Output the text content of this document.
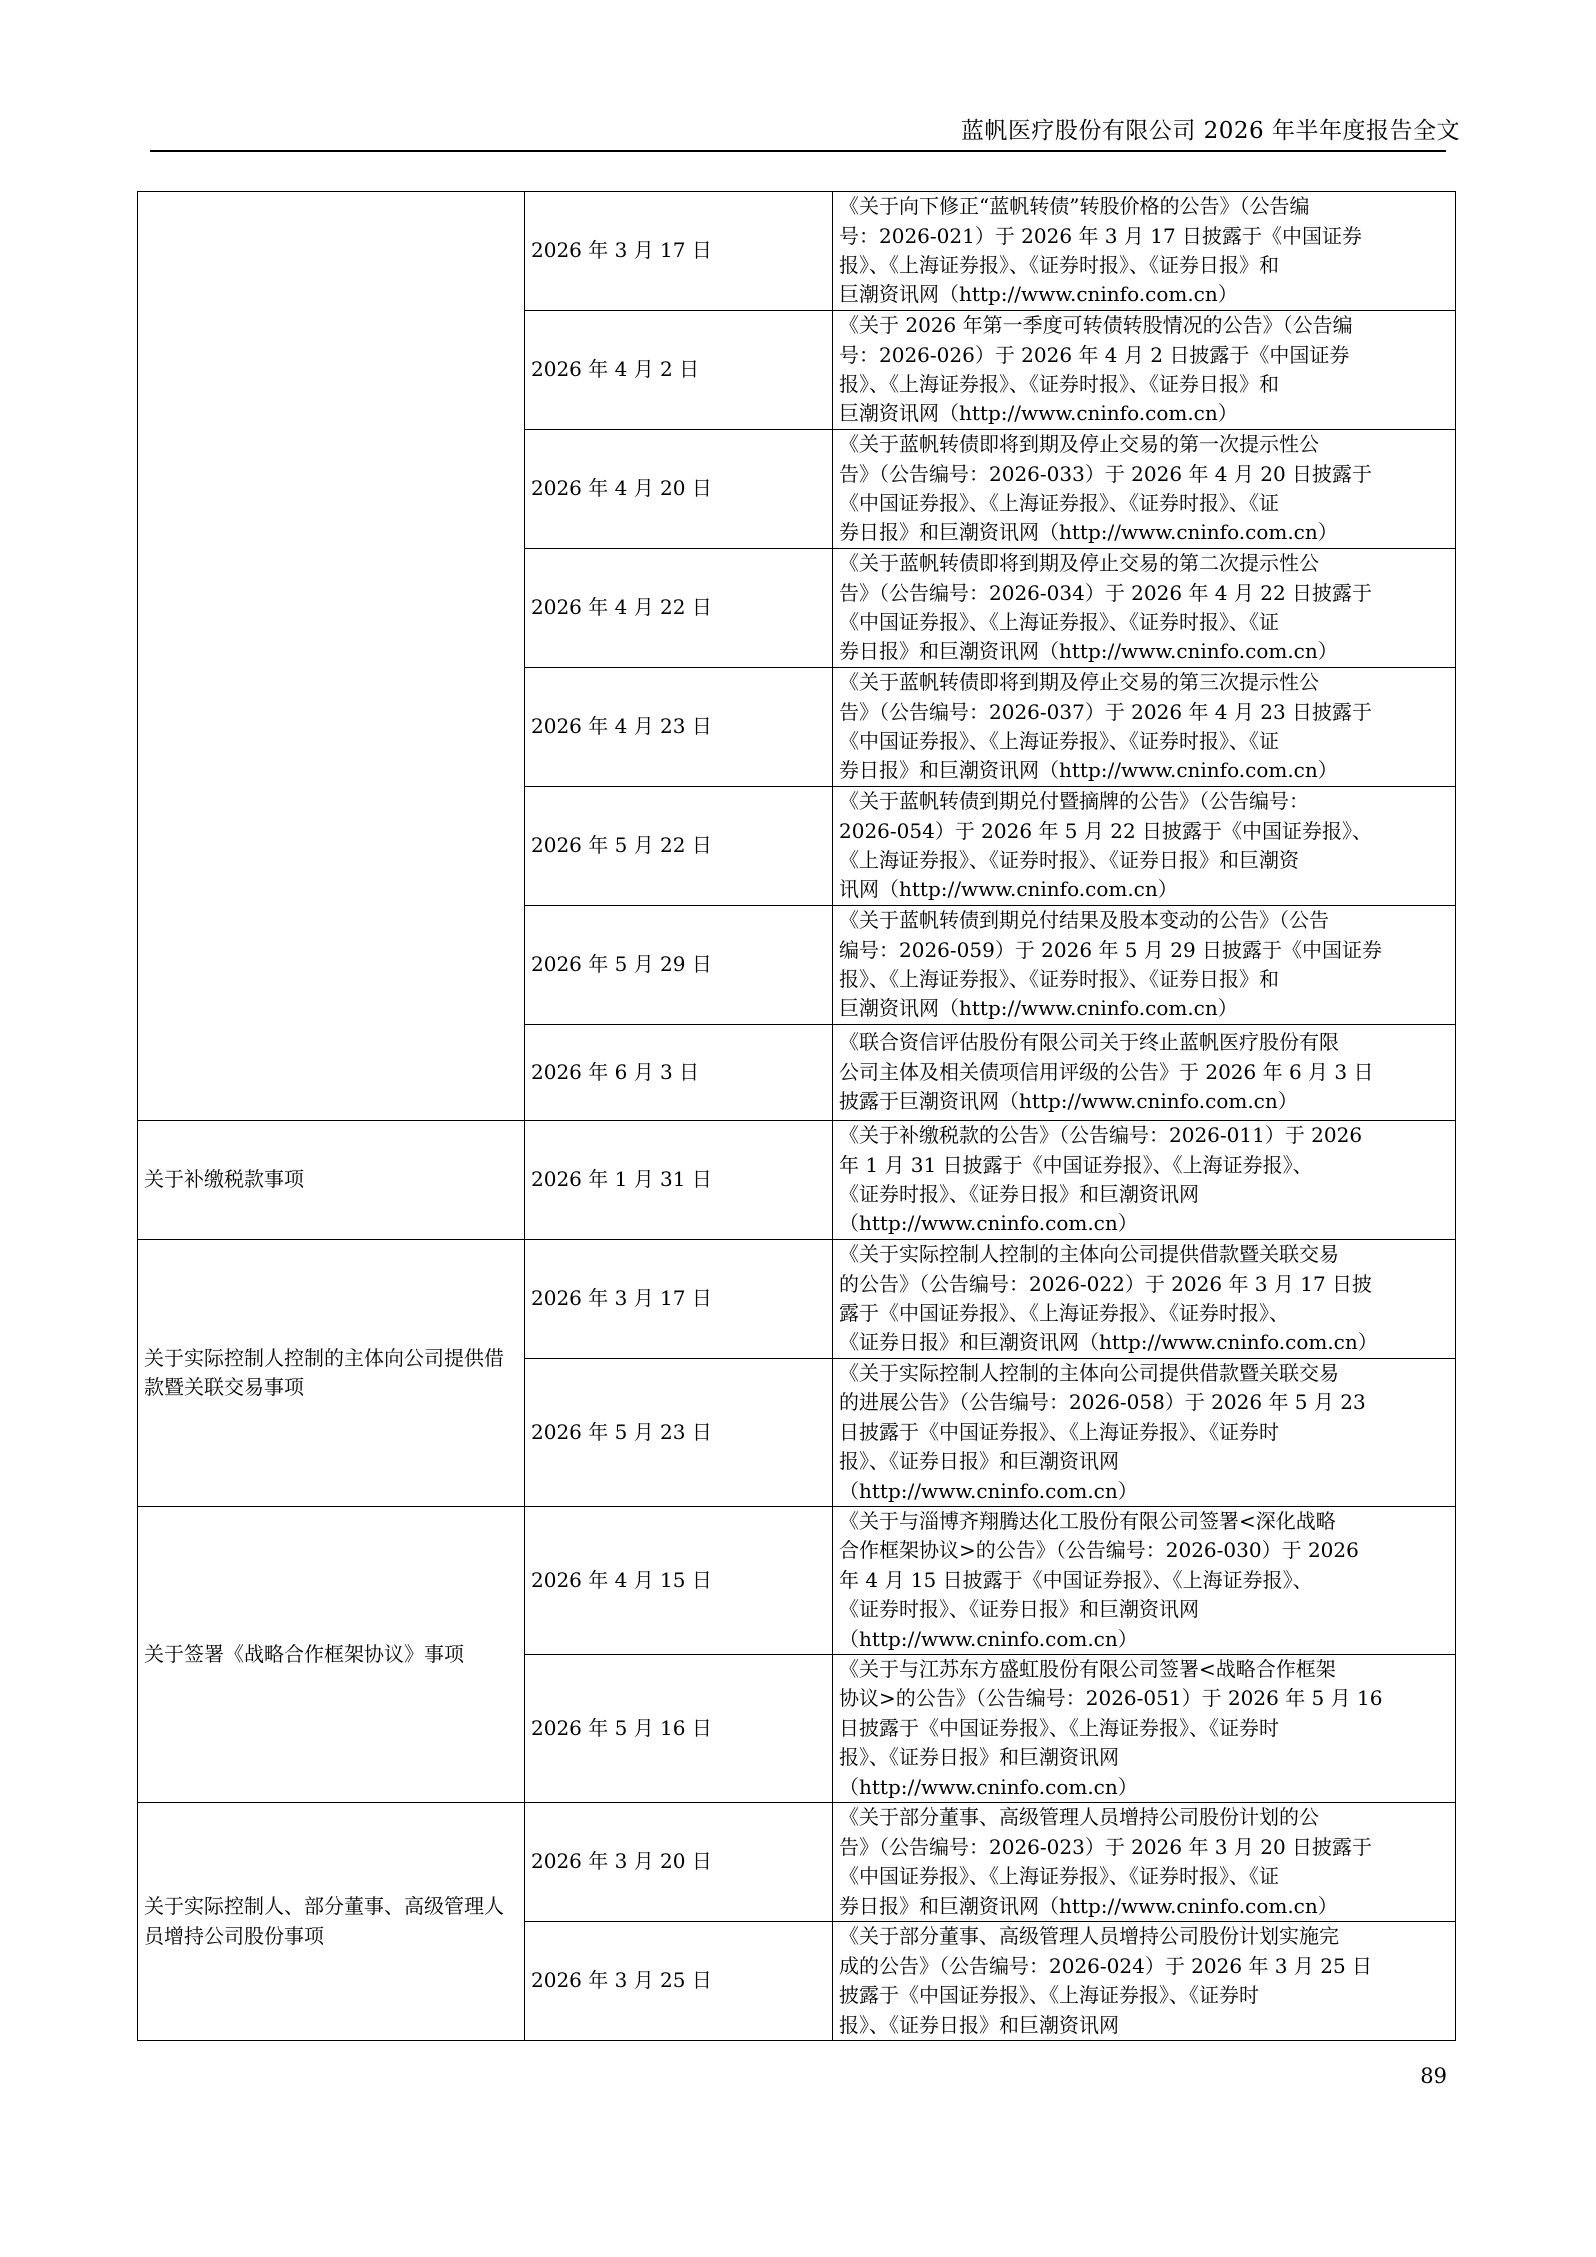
蓝帆医疗股份有限公司 2026 年半年度报告全文
	2026 年 3 月 17 日	《关于向下修正“蓝帆转债”转股价格的公告》（公告编
号：2026-021）于 2026 年 3 月 17 日披露于《中国证券
报》、《上海证券报》、《证券时报》、《证券日报》和
巨潮资讯网（http://www.cninfo.com.cn）

	2026 年 4 月 2 日	《关于 2026 年第一季度可转债转股情况的公告》（公告编
号：2026-026）于 2026 年 4 月 2 日披露于《中国证券
报》、《上海证券报》、《证券时报》、《证券日报》和
巨潮资讯网（http://www.cninfo.com.cn）

	2026 年 4 月 20 日	《关于蓝帆转债即将到期及停止交易的第一次提示性公
告》（公告编号：2026-033）于 2026 年 4 月 20 日披露于
《中国证券报》、《上海证券报》、《证券时报》、《证
券日报》和巨潮资讯网（http://www.cninfo.com.cn）

	2026 年 4 月 22 日	《关于蓝帆转债即将到期及停止交易的第二次提示性公
告》（公告编号：2026-034）于 2026 年 4 月 22 日披露于
《中国证券报》、《上海证券报》、《证券时报》、《证
券日报》和巨潮资讯网（http://www.cninfo.com.cn）

	2026 年 4 月 23 日	《关于蓝帆转债即将到期及停止交易的第三次提示性公
告》（公告编号：2026-037）于 2026 年 4 月 23 日披露于
《中国证券报》、《上海证券报》、《证券时报》、《证
券日报》和巨潮资讯网（http://www.cninfo.com.cn）

	2026 年 5 月 22 日	《关于蓝帆转债到期兑付暨摘牌的公告》（公告编号：
2026-054）于 2026 年 5 月 22 日披露于《中国证券报》、
《上海证券报》、《证券时报》、《证券日报》和巨潮资
讯网（http://www.cninfo.com.cn）

	2026 年 5 月 29 日	《关于蓝帆转债到期兑付结果及股本变动的公告》（公告
编号：2026-059）于 2026 年 5 月 29 日披露于《中国证券
报》、《上海证券报》、《证券时报》、《证券日报》和
巨潮资讯网（http://www.cninfo.com.cn）

	2026 年 6 月 3 日	《联合资信评估股份有限公司关于终止蓝帆医疗股份有限
公司主体及相关债项信用评级的公告》于 2026 年 6 月 3 日
披露于巨潮资讯网（http://www.cninfo.com.cn）

关于补缴税款事项	2026 年 1 月 31 日	《关于补缴税款的公告》（公告编号：2026-011）于 2026
年 1 月 31 日披露于《中国证券报》、《上海证券报》、
《证券时报》、《证券日报》和巨潮资讯网
（http://www.cninfo.com.cn）

关于实际控制人控制的主体向公司提供借款暨关联交易事项	2026 年 3 月 17 日	《关于实际控制人控制的主体向公司提供借款暨关联交易
的公告》（公告编号：2026-022）于 2026 年 3 月 17 日披
露于《中国证券报》、《上海证券报》、《证券时报》、
《证券日报》和巨潮资讯网（http://www.cninfo.com.cn）

	2026 年 5 月 23 日	《关于实际控制人控制的主体向公司提供借款暨关联交易
的进展公告》（公告编号：2026-058）于 2026 年 5 月 23
日披露于《中国证券报》、《上海证券报》、《证券时
报》、《证券日报》和巨潮资讯网
（http://www.cninfo.com.cn）

关于签署《战略合作框架协议》事项	2026 年 4 月 15 日	《关于与淄博齐翔腾达化工股份有限公司签署<深化战略
合作框架协议>的公告》（公告编号：2026-030）于 2026
年 4 月 15 日披露于《中国证券报》、《上海证券报》、
《证券时报》、《证券日报》和巨潮资讯网
（http://www.cninfo.com.cn）

	2026 年 5 月 16 日	《关于与江苏东方盛虹股份有限公司签署<战略合作框架
协议>的公告》（公告编号：2026-051）于 2026 年 5 月 16
日披露于《中国证券报》、《上海证券报》、《证券时
报》、《证券日报》和巨潮资讯网
（http://www.cninfo.com.cn）

关于实际控制人、部分董事、高级管理人员增持公司股份事项	2026 年 3 月 20 日	《关于部分董事、高级管理人员增持公司股份计划的公
告》（公告编号：2026-023）于 2026 年 3 月 20 日披露于
《中国证券报》、《上海证券报》、《证券时报》、《证
券日报》和巨潮资讯网（http://www.cninfo.com.cn）

	2026 年 3 月 25 日	《关于部分董事、高级管理人员增持公司股份计划实施完
成的公告》（公告编号：2026-024）于 2026 年 3 月 25 日
披露于《中国证券报》、《上海证券报》、《证券时
报》、《证券日报》和巨潮资讯网
89
